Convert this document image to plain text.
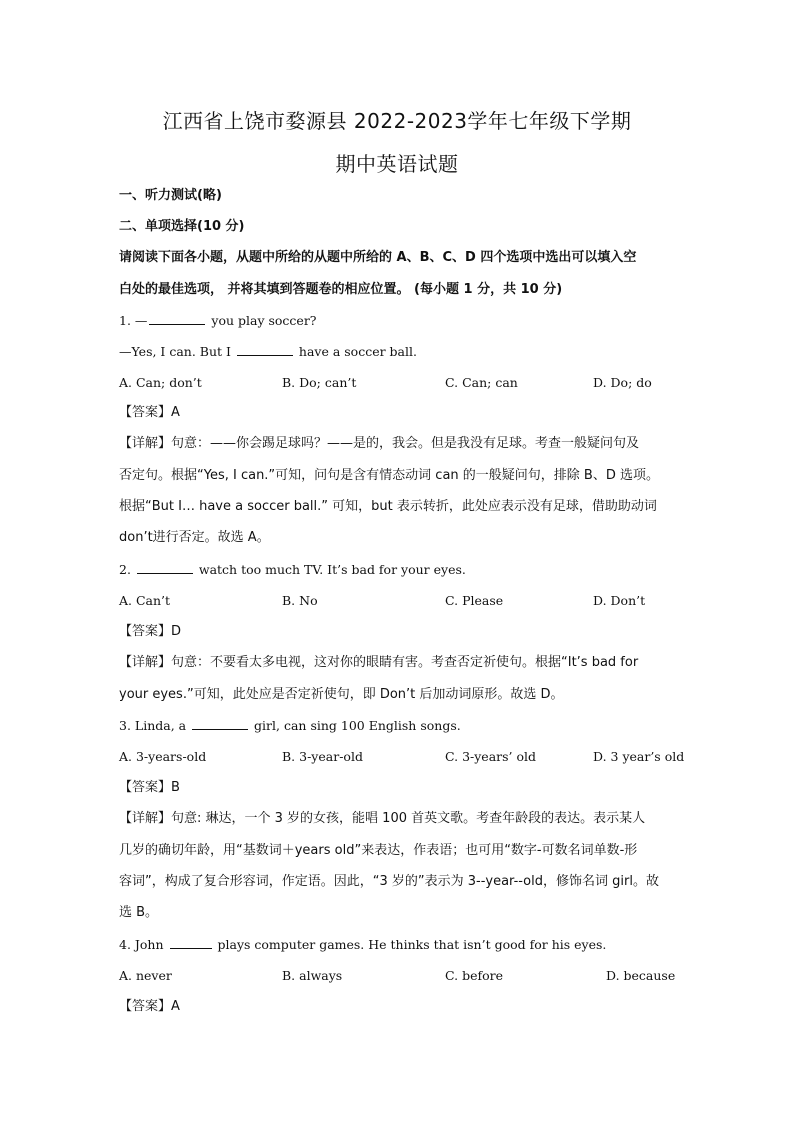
江西省上饶市婺源县 2022-2023学年七年级下学期
期中英语试题
一、听力测试(略)
二、单项选择(10 分)
请阅读下面各小题，从题中所给的从题中所给的 A、B、C、D 四个选项中选出可以填入空
白处的最佳选项， 并将其填到答题卷的相应位置。 (每小题 1 分，共 10 分)
1. —	you play soccer?
—Yes, I can. But I	have a soccer ball.
A. Can; don’t	B. Do; can’t	C. Can; can	D. Do; do
【答案】A
【详解】句意：——你会踢足球吗？——是的，我会。但是我没有足球。考查一般疑问句及
否定句。根据“Yes, I can.”可知，问句是含有情态动词 can 的一般疑问句，排除 B、D 选项。
根据“But I… have a soccer ball.” 可知，but 表示转折，此处应表示没有足球，借助助动词
don’t进行否定。故选 A。
2.	watch too much TV. It’s bad for your eyes.
A. Can’t	B. No	C. Please	D. Don’t
【答案】D
【详解】句意：不要看太多电视，这对你的眼睛有害。考查否定祈使句。根据“It’s bad for
your eyes.”可知，此处应是否定祈使句，即 Don’t 后加动词原形。故选 D。
3. Linda, a	girl, can sing 100 English songs.
A. 3-years-old	B. 3-year-old	C. 3-years’ old	D. 3 year’s old
【答案】B
【详解】句意: 琳达，一个 3 岁的女孩，能唱 100 首英文歌。考查年龄段的表达。表示某人
几岁的确切年龄，用“基数词＋years old”来表达，作表语；也可用“数字-可数名词单数-形
容词”，构成了复合形容词，作定语。因此，“3 岁的”表示为 3--year--old，修饰名词 girl。故
选 B。
4. John	plays computer games. He thinks that isn’t good for his eyes.
A. never	B. always	C. before	D. because
【答案】A
